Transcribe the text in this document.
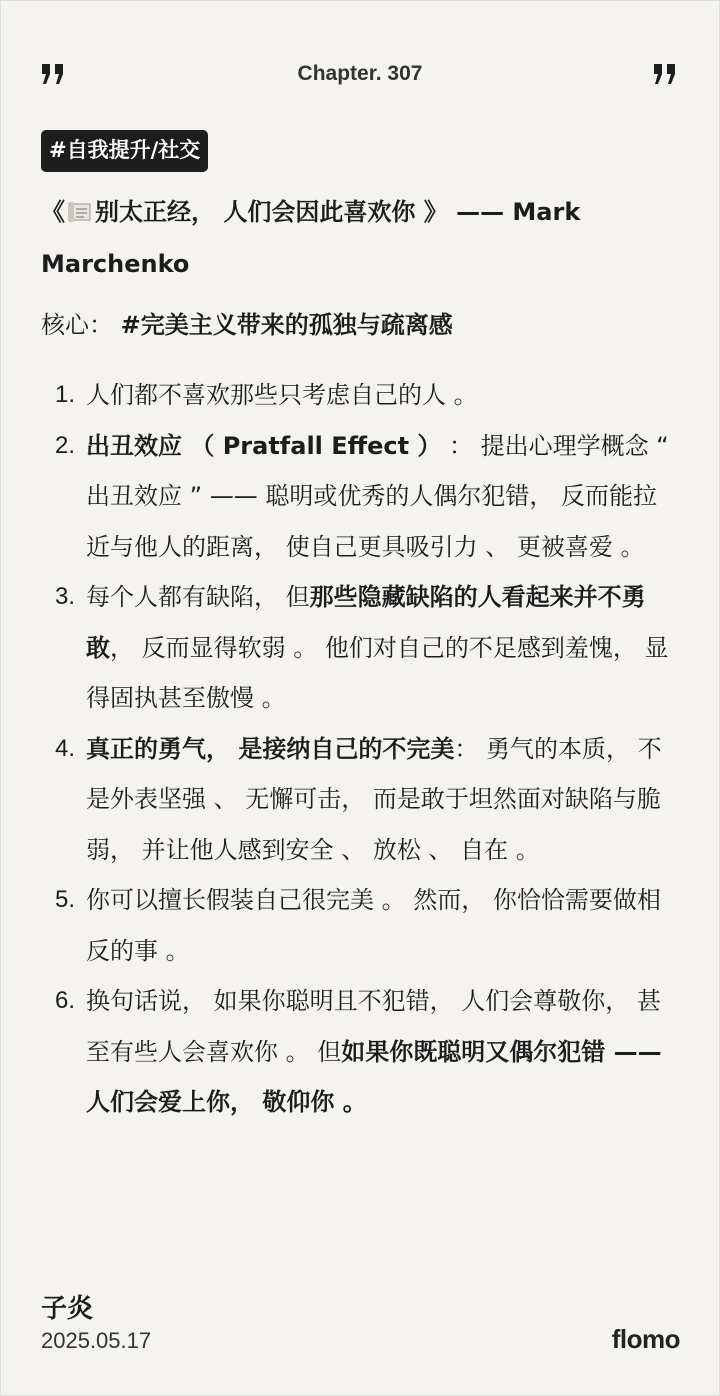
Chapter. 307
#自我提升/社交
《 别太正经， 人们会因此喜欢你 》 —— Mark Marchenko
核心： #完美主义带来的孤独与疏离感
1. 人们都不喜欢那些只考虑自己的人 。
2. 出丑效应 （ Pratfall Effect ） ： 提出心理学概念 “ 出丑效应 ” —— 聪明或优秀的人偶尔犯错， 反而能拉近与他人的距离， 使自己更具吸引力 、 更被喜爱 。
3. 每个人都有缺陷， 但那些隐藏缺陷的人看起来并不勇敢， 反而显得软弱 。 他们对自己的不足感到羞愧， 显得固执甚至傲慢 。
4. 真正的勇气， 是接纳自己的不完美： 勇气的本质， 不是外表坚强 、 无懈可击， 而是敢于坦然面对缺陷与脆弱， 并让他人感到安全 、 放松 、 自在 。
5. 你可以擅长假装自己很完美 。 然而， 你恰恰需要做相反的事 。
6. 换句话说， 如果你聪明且不犯错， 人们会尊敬你， 甚至有些人会喜欢你 。 但如果你既聪明又偶尔犯错 —— 人们会爱上你， 敬仰你 。
子炎
2025.05.17	flomo
